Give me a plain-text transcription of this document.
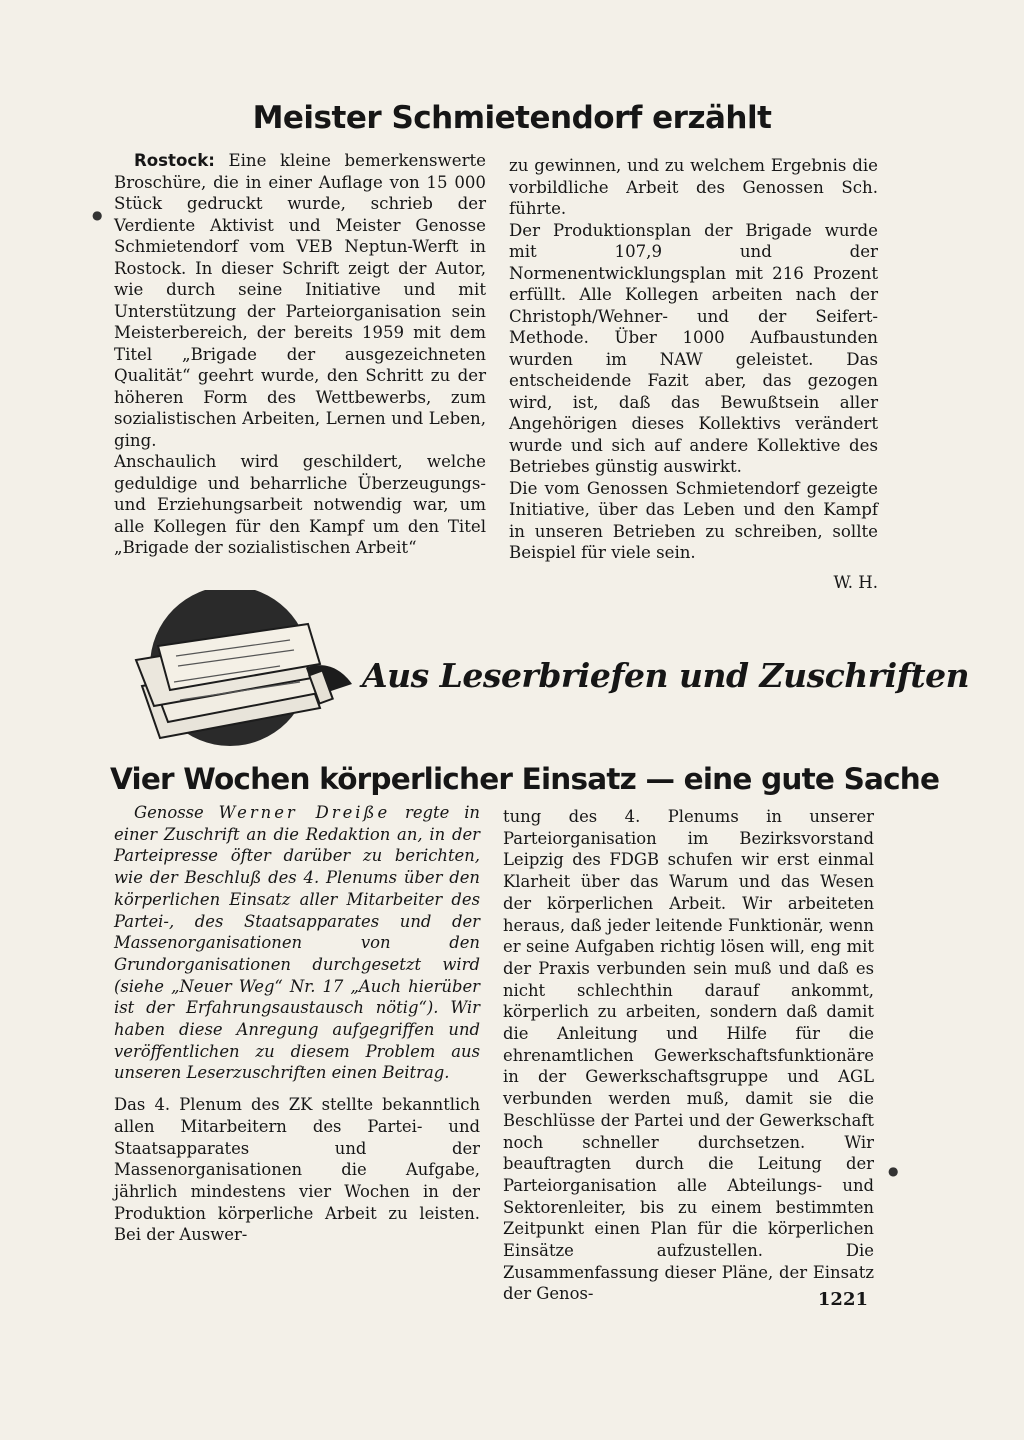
Meister Schmietendorf erzählt

Rostock: Eine kleine bemerkenswerte Broschüre, die in einer Auflage von 15 000 Stück gedruckt wurde, schrieb der Verdiente Aktivist und Meister Genosse Schmietendorf vom VEB Neptun-Werft in Rostock. In dieser Schrift zeigt der Autor, wie durch seine Initiative und mit Unterstützung der Parteiorganisation sein Meisterbereich, der bereits 1959 mit dem Titel „Brigade der ausgezeichneten Qualität“ geehrt wurde, den Schritt zu der höheren Form des Wettbewerbs, zum sozialistischen Arbeiten, Lernen und Leben, ging.

Anschaulich wird geschildert, welche geduldige und beharrliche Überzeugungs- und Erziehungsarbeit notwendig war, um alle Kollegen für den Kampf um den Titel „Brigade der sozialistischen Arbeit“

zu gewinnen, und zu welchem Ergebnis die vorbildliche Arbeit des Genossen Sch. führte.

Der Produktionsplan der Brigade wurde mit 107,9 und der Normenentwicklungsplan mit 216 Prozent erfüllt. Alle Kollegen arbeiten nach der Christoph/Wehner- und der Seifert-Methode. Über 1000 Aufbaustunden wurden im NAW geleistet. Das entscheidende Fazit aber, das gezogen wird, ist, daß das Bewußtsein aller Angehörigen dieses Kollektivs verändert wurde und sich auf andere Kollektive des Betriebes günstig auswirkt.

Die vom Genossen Schmietendorf gezeigte Initiative, über das Leben und den Kampf in unseren Betrieben zu schreiben, sollte Beispiel für viele sein.

W. H.

Aus Leserbriefen und Zuschriften
Vier Wochen körperlicher Einsatz — eine gute Sache

Genosse Werner Dreiße regte in einer Zuschrift an die Redaktion an, in der Parteipresse öfter darüber zu berichten, wie der Beschluß des 4. Plenums über den körperlichen Einsatz aller Mitarbeiter des Partei-, des Staatsapparates und der Massenorganisationen von den Grundorganisationen durchgesetzt wird (siehe „Neuer Weg“ Nr. 17 „Auch hierüber ist der Erfahrungsaustausch nötig“). Wir haben diese Anregung aufgegriffen und veröffentlichen zu diesem Problem aus unseren Leserzuschriften einen Beitrag.

Das 4. Plenum des ZK stellte bekanntlich allen Mitarbeitern des Partei- und Staatsapparates und der Massenorganisationen die Aufgabe, jährlich mindestens vier Wochen in der Produktion körperliche Arbeit zu leisten. Bei der Auswer-

tung des 4. Plenums in unserer Parteiorganisation im Bezirksvorstand Leipzig des FDGB schufen wir erst einmal Klarheit über das Warum und das Wesen der körperlichen Arbeit. Wir arbeiteten heraus, daß jeder leitende Funktionär, wenn er seine Aufgaben richtig lösen will, eng mit der Praxis verbunden sein muß und daß es nicht schlechthin darauf ankommt, körperlich zu arbeiten, sondern daß damit die Anleitung und Hilfe für die ehrenamtlichen Gewerkschaftsfunktionäre in der Gewerkschaftsgruppe und AGL verbunden werden muß, damit sie die Beschlüsse der Partei und der Gewerkschaft noch schneller durchsetzen. Wir beauftragten durch die Leitung der Parteiorganisation alle Abteilungs- und Sektorenleiter, bis zu einem bestimmten Zeitpunkt einen Plan für die körperlichen Einsätze aufzustellen. Die Zusammenfassung dieser Pläne, der Einsatz der Genos-	1221
●
●
